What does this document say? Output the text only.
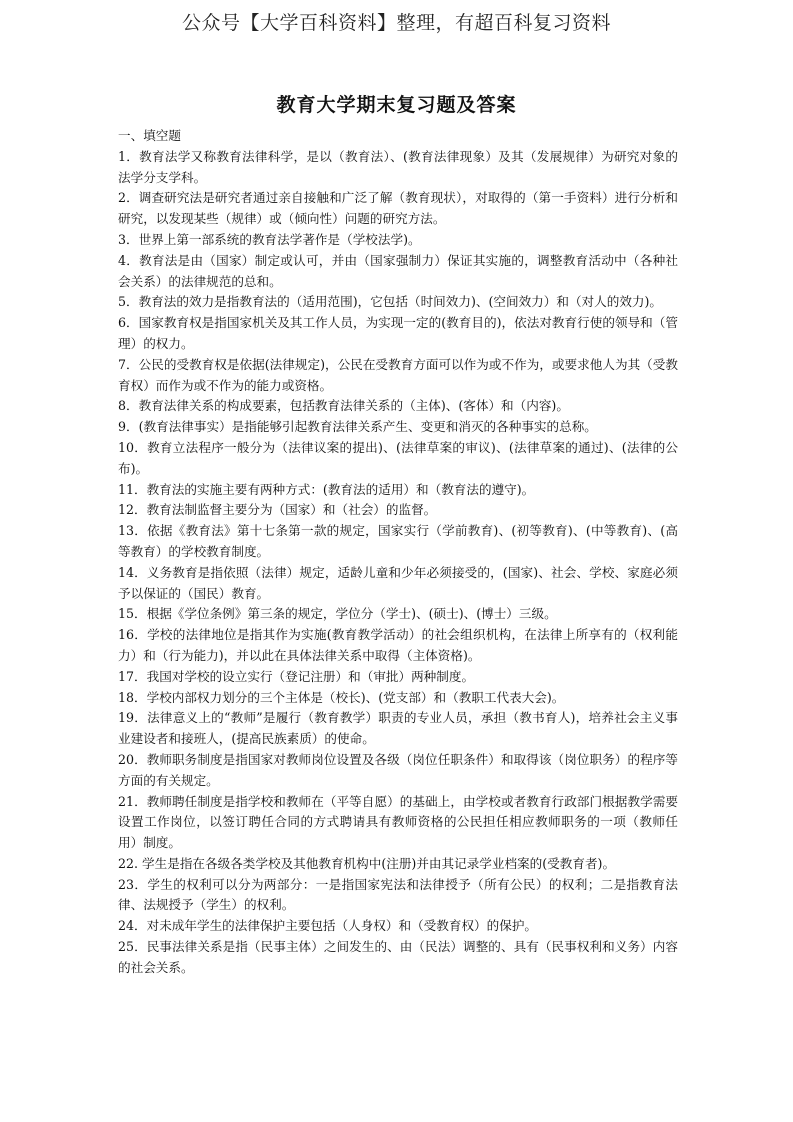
公众号【大学百科资料】整理，有超百科复习资料
教育大学期末复习题及答案

一、填空题

1．教育法学又称教育法律科学，是以（教育法）、(教育法律现象）及其（发展规律）为研究对象的法学分支学科。

2．调查研究法是研究者通过亲自接触和广泛了解（教育现状），对取得的（第一手资料）进行分析和研究，以发现某些（规律）或（倾向性）问题的研究方法。

3．世界上第一部系统的教育法学著作是（学校法学)。

4．教育法是由（国家）制定或认可，并由（国家强制力）保证其实施的，调整教育活动中（各种社会关系）的法律规范的总和。

5．教育法的效力是指教育法的（适用范围)，它包括（时间效力)、(空间效力）和（对人的效力)。

6．国家教育权是指国家机关及其工作人员，为实现一定的(教育目的)，依法对教育行使的领导和（管理）的权力。

7．公民的受教育权是依据(法律规定)，公民在受教育方面可以作为或不作为，或要求他人为其（受教育权）而作为或不作为的能力或资格。

8．教育法律关系的构成要素，包括教育法律关系的（主体)、(客体）和（内容)。

9．(教育法律事实）是指能够引起教育法律关系产生、变更和消灭的各种事实的总称。

10．教育立法程序一般分为（法律议案的提出)、(法律草案的审议)、(法律草案的通过)、(法律的公布)。

11．教育法的实施主要有两种方式：(教育法的适用）和（教育法的遵守)。

12．教育法制监督主要分为（国家）和（社会）的监督。

13．依据《教育法》第十七条第一款的规定，国家实行（学前教育)、(初等教育)、(中等教育)、(高等教育）的学校教育制度。

14．义务教育是指依照（法律）规定，适龄儿童和少年必须接受的，(国家)、社会、学校、家庭必须予以保证的（国民）教育。

15．根据《学位条例》第三条的规定，学位分（学士)、(硕士)、(博士）三级。

16．学校的法律地位是指其作为实施(教育教学活动）的社会组织机构，在法律上所享有的（权利能力）和（行为能力)，并以此在具体法律关系中取得（主体资格)。

17．我国对学校的设立实行（登记注册）和（审批）两种制度。

18．学校内部权力划分的三个主体是（校长)、(党支部）和（教职工代表大会)。

19．法律意义上的“教师”是履行（教育教学）职责的专业人员，承担（教书育人)，培养社会主义事业建设者和接班人，(提高民族素质）的使命。

20．教师职务制度是指国家对教师岗位设置及各级（岗位任职条件）和取得该（岗位职务）的程序等方面的有关规定。

21．教师聘任制度是指学校和教师在（平等自愿）的基础上，由学校或者教育行政部门根据教学需要设置工作岗位，以签订聘任合同的方式聘请具有教师资格的公民担任相应教师职务的一项（教师任用）制度。

22. 学生是指在各级各类学校及其他教育机构中(注册)并由其记录学业档案的(受教育者)。

23．学生的权利可以分为两部分：一是指国家宪法和法律授予（所有公民）的权利；二是指教育法律、法规授予（学生）的权利。

24．对未成年学生的法律保护主要包括（人身权）和（受教育权）的保护。

25．民事法律关系是指（民事主体）之间发生的、由（民法）调整的、具有（民事权利和义务）内容的社会关系。
